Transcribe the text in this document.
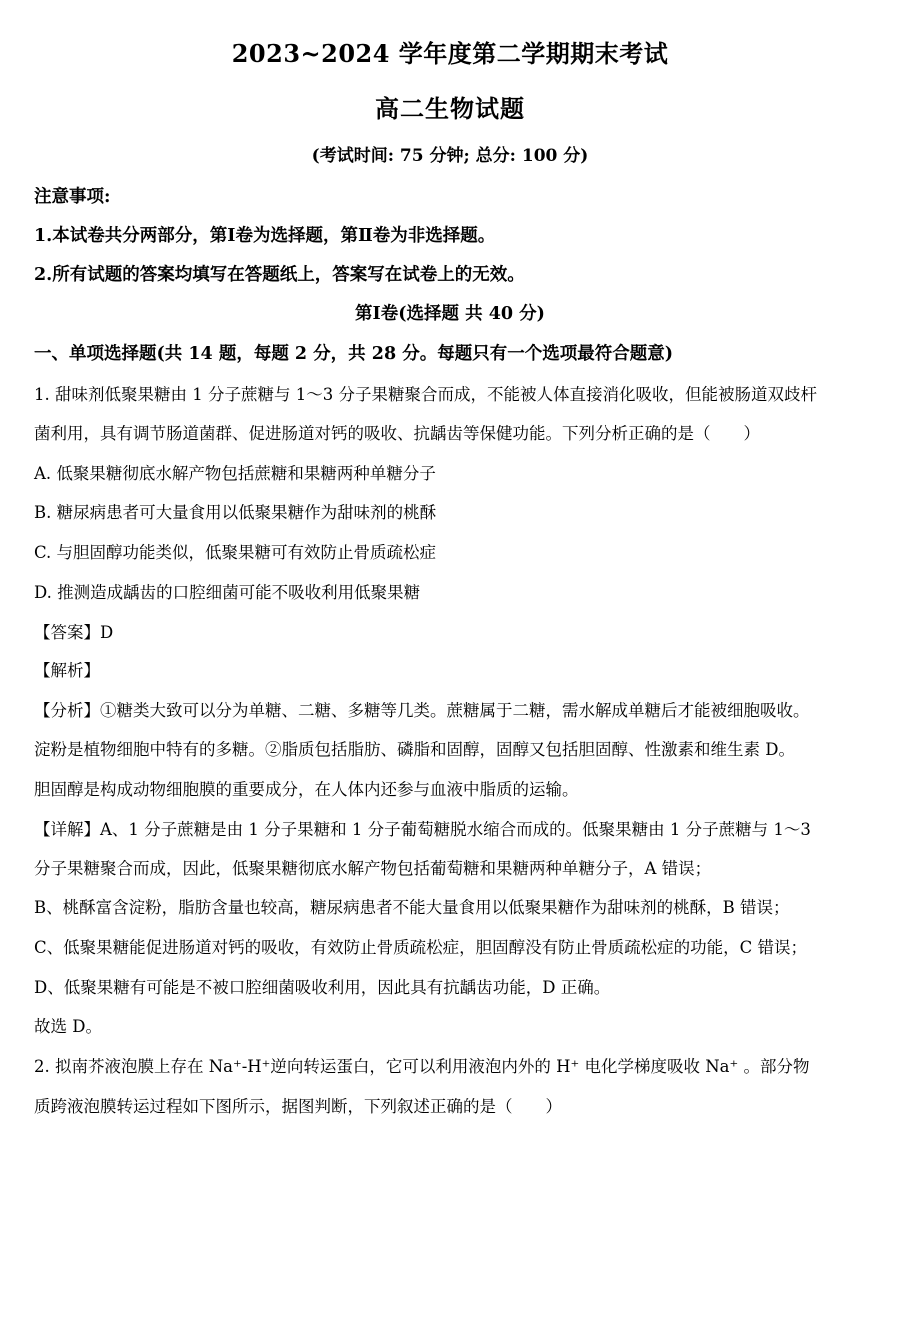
2023~2024 学年度第二学期期末考试
高二生物试题
(考试时间: 75 分钟; 总分: 100 分)
注意事项:
1.本试卷共分两部分，第Ⅰ卷为选择题，第Ⅱ卷为非选择题。
2.所有试题的答案均填写在答题纸上，答案写在试卷上的无效。
第Ⅰ卷(选择题 共 40 分)
一、单项选择题(共 14 题，每题 2 分，共 28 分。每题只有一个选项最符合题意)
1. 甜味剂低聚果糖由 1 分子蔗糖与 1～3 分子果糖聚合而成，不能被人体直接消化吸收，但能被肠道双歧杆
菌利用，具有调节肠道菌群、促进肠道对钙的吸收、抗龋齿等保健功能。下列分析正确的是（　　）
A. 低聚果糖彻底水解产物包括蔗糖和果糖两种单糖分子
B. 糖尿病患者可大量食用以低聚果糖作为甜味剂的桃酥
C. 与胆固醇功能类似，低聚果糖可有效防止骨质疏松症
D. 推测造成龋齿的口腔细菌可能不吸收利用低聚果糖
【答案】D
【解析】
【分析】①糖类大致可以分为单糖、二糖、多糖等几类。蔗糖属于二糖，需水解成单糖后才能被细胞吸收。
淀粉是植物细胞中特有的多糖。②脂质包括脂肪、磷脂和固醇，固醇又包括胆固醇、性激素和维生素 D。
胆固醇是构成动物细胞膜的重要成分，在人体内还参与血液中脂质的运输。
【详解】A、1 分子蔗糖是由 1 分子果糖和 1 分子葡萄糖脱水缩合而成的。低聚果糖由 1 分子蔗糖与 1～3
分子果糖聚合而成，因此，低聚果糖彻底水解产物包括葡萄糖和果糖两种单糖分子，A 错误；
B、桃酥富含淀粉，脂肪含量也较高，糖尿病患者不能大量食用以低聚果糖作为甜味剂的桃酥，B 错误；
C、低聚果糖能促进肠道对钙的吸收，有效防止骨质疏松症，胆固醇没有防止骨质疏松症的功能，C 错误；
D、低聚果糖有可能是不被口腔细菌吸收利用，因此具有抗龋齿功能，D 正确。
故选 D。
2. 拟南芥液泡膜上存在 Na⁺-H⁺逆向转运蛋白，它可以利用液泡内外的 H⁺ 电化学梯度吸收 Na⁺ 。部分物
质跨液泡膜转运过程如下图所示，据图判断，下列叙述正确的是（　　）
